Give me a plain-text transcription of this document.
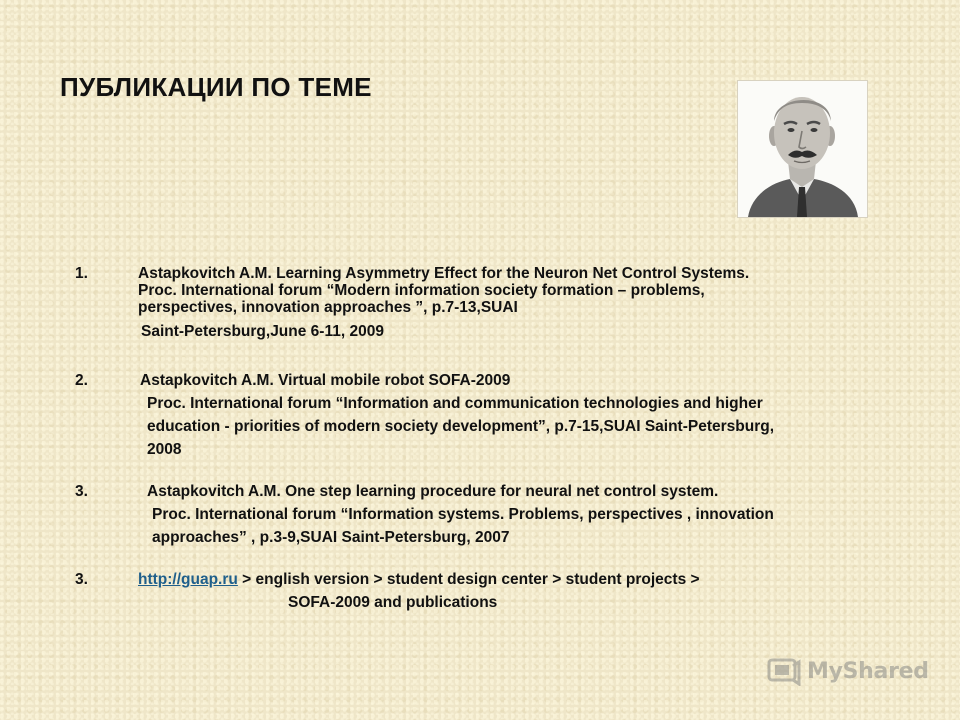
ПУБЛИКАЦИИ ПО ТЕМЕ
1.	Astapkovitch A.M. Learning Asymmetry Effect for the Neuron Net Control Systems.
Proc. International forum “Modern information society formation – problems,
perspectives, innovation approaches ”, p.7-13,SUAI
Saint-Petersburg,June 6-11, 2009
2.	Astapkovitch A.M. Virtual mobile robot SOFA-2009
Proc. International forum “Information and communication technologies and higher
education - priorities of modern society development”, p.7-15,SUAI Saint-Petersburg,
2008
3.	Astapkovitch A.M. One step learning procedure for neural net control system.
Proc. International forum “Information systems. Problems, perspectives , innovation
approaches” , p.3-9,SUAI Saint-Petersburg, 2007
3.	http://guap.ru > english version > student design center > student projects >
SOFA-2009 and publications
MyShared
